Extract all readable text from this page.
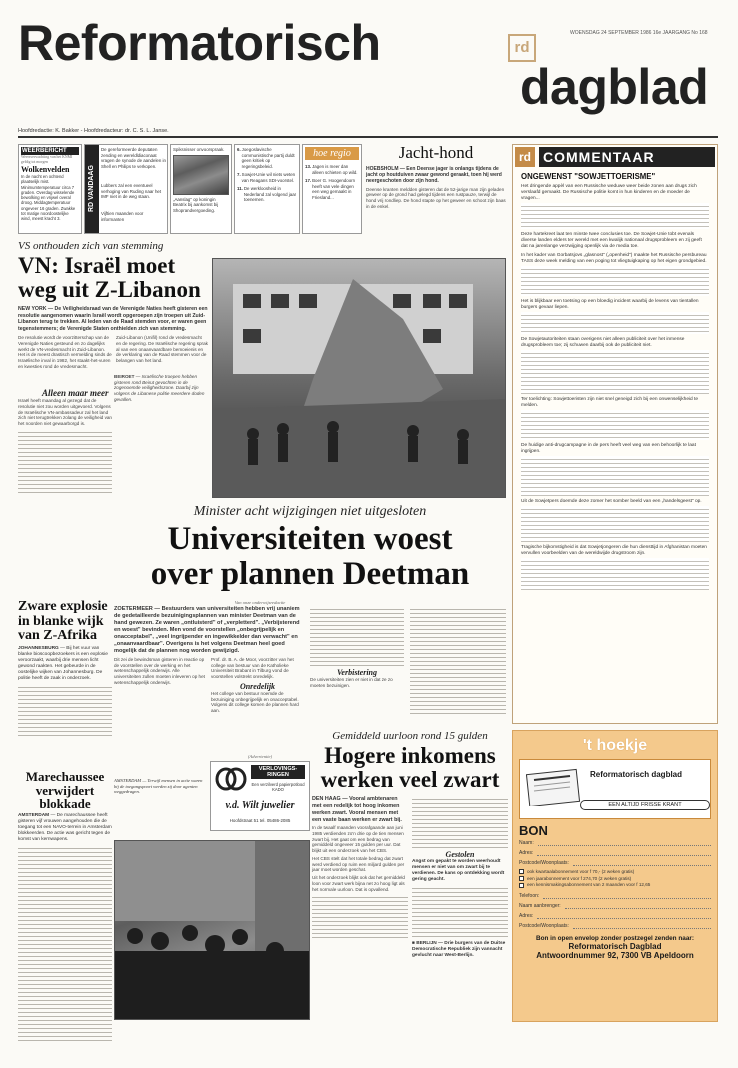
Reformatorisch
dagblad
rd
WOENSDAG 24 SEPTEMBER 1986 16e JAARGANG No 168
Hoofdredactie: K. Bakker - Hoofdredacteur: dr. C. S. L. Janse.
WEERBERICHT
Weersverwachting van het KNMI geldig tot morgen
Wolkenvelden
In de nacht en ochtend plaatselijk mist. Minimumtemperatuur circa 7 graden. Overdag wisselende bewolking en vrijwel overal droog. Middagtemperatuur ongeveer 16 graden. Zwakke tot matige noordoostelijke wind, meest kracht 3.
RD VANDAAG
De gereformeerde deputaten zending en wereldldiaconaat vragen de synode de aandelen in Shell en Philips te verkopen.
Lubbers zal een eventueel verhoging van Ruding naar het IMF niet in de weg staan.
Vijftien maanden voor informanten
Spiksnisser onvoorspraak.
„Aanslag" op koningin Beatrix bij aankomst bij Shoprandvergoeding.
6. Joegoslavische communistische partij duldt geen kritiek op regeringsbeleid.
7. Sowjet-Unie wil niets weten van Reagans SDI-voorstel.
11. De werkloosheid in Nederland zal volgend jaar toenemen.
hoe regio
13. Jagen is meer dan alleen schieten op wild.
17. Boer G. Hoogendoorn heeft van vele dingen een weg gemaakt in Friesland...
Jacht-hond
HOEBSHOLM — Een Deense jager is onlangs tijdens de jacht op houtduiven zwaar gewond geraakt, toen hij werd neergeschoten door zijn hond.
Deense kranten meldden gisteren dat de 52-jarige man zijn geladen geweer op de grond had gelegd tijdens een rustpauze, terwijl de hond vrij rondliep. De hond stapte op het geweer en schoot zijn baas in de enkel.
VS onthouden zich van stemming
VN: Israël moet
weg uit Z-Libanon
NEW YORK — De Veiligheidsraad van de Verenigde Naties heeft gisteren een resolutie aangenomen waarin Israël wordt opgeroepen zijn troepen uit Zuid-Libanon terug te trekken. Al leden van de Raad stemden voor, er waren geen tegenstemmers; de Verenigde Staten onthielden zich van stemming.
De resolutie wordt de voorzitterschap van de Verenigde Naties gesteund en zo dagelijks werkt de VN-vredesmacht in Zuid-Libanon. Het is de meest drastisch vermelding sinds de Israëlische inval in 1982, het staakt-het-vuren en kwesties rond de vredesmacht.
Zuid-Libanon (Unifil) rond de vredesmacht en de regering. De Israëlische regering sprak al van een onaanvaardbare bemoeienis en de verklaring van de Raad stemmen voor de belangen van het land.
Alleen maar meer
Israël heeft maandag al gezegd dat de resolutie niet zou worden uitgevoerd. Volgens de Israëlische VN-ambassadeur zal het land zich niet terugtrekken zolang de veiligheid van het noorden niet gewaarborgd is.
BEIROET — Israëlische troepen hebben gisteren rond Beirut gevochten in de zogenoemde veiligheidszone. Daarbij zijn volgens de Libanese politie meerdere doden gevallen.
Minister acht wijzigingen niet uitgesloten
Universiteiten woest
over plannen Deetman
Van onze onderwijsredactie
ZOETERMEER — Bestuurders van universiteiten hebben vrij unaniem de gedetailleerde bezuinigingsplannen van minister Deetman van de hand gewezen. Ze waren „ontluisterd" of „verpletterd". „Verbijsterend en woest" bevinden. Men vond de voorstellen „onbegrijpelijk en onacceptabel", „veel ingrijpender en ingewikkelder dan verwacht" en „onaanvaardbaar". Overigens is het volgens Deetman heel goed mogelijk dat de plannen nog worden gewijzigd.
Dit zei de bewindsman gisteren in reactie op de voorstellen over de werking en het wetenschappelijk onderwijs. Alle universiteiten zullen moeten inleveren op het wetenschappelijk onderwijs.
Prof. dr. B. A. de Moor, voorzitter van het college van bestuur van de Katholieke Universiteit Brabant in Tilburg vond de voorstellen volstrekt onredelijk.
Onredelijk
Het college van bestuur noemde de bezuiniging onbegrijpelijk en onacceptabel. Volgens dit college komen de plannen hard aan.
Verbistering
De universiteiten zien er niet in dat ze zo moeten bezuinigen.
Zware explosie
in blanke wijk
van Z-Afrika
JOHANNESBURG — Bij het vuur van blanke bioscoopbezoekers is een explosie veroorzaakt, waarbij drie mensen licht gewond raakten. Het gebeurde in de oostelijke wijken van Johannesburg. De politie heeft de zaak in onderzoek.
Marechaussee
verwijdert
blokkade
AMSTERDAM — De marechaussee heeft gisteren vijf vrouwen aangehouden die de toegang tot een NAVO-terrein in Amsterdam blokkeerden. De actie was gericht tegen de komst van kernwapens.
AMSTERDAM — Terwijl mensen in actie waren bij de toegangspoort werden zij door agenten weggedragen.
(Advertentie)
VERLOVINGS-RINGEN
Een verzilverd papierpotlood KADO
v.d. Wilt juwelier
Hoofdstraat 51 tel. 05486-2085
Gemiddeld uurloon rond 15 gulden
Hogere inkomens
werken veel zwart
DEN HAAG — Vooral ambtenaren met een redelijk tot hoog inkomen werken zwart. Vooral mensen met een vaste baan werken er zwart bij.
In de twaalf maanden voorafgaande aan juni 1985 verdienden zo'n drie op de tien mensen zwart bij. Het gaat om een bedrag van gemiddeld ongeveer 15 gulden per uur. Dat blijkt uit een onderzoek van het CBS.
Het CBS stelt dat het totale bedrag dat zwart werd verdiend op ruim een miljard gulden per jaar moet worden geschat.
Uit het onderzoek blijkt ook dat het gemiddeld loon voor zwart werk bijna net zo hoog ligt als het normale uurloon. Dat is opvallend.
Gestolen
Angst om gepakt te worden weerhoudt mensen er niet van om zwart bij te verdienen. De kans op ontdekking wordt gering geacht.
■ BERLIJN — Drie burgers van de Duitse Democratische Republiek zijn vannacht gevlucht naar West-Berlijn.
rd COMMENTAAR
ONGEWENST "SOWJETTOERISME"
Het dringende appèl van een Russische weduwe weer beide zonen aan drugs zich verslaafd gemaakt. De Russische politie komt in hun kinderen en de moeder de vragen...
Deze hartekreet laat ten minste twee conclusies toe. De Sowjet-Unie tobt evenals diverse landen elders ter wereld met een kwalijk nationaal drugsprobleem en zij geeft dat na jarenlange verzwijging openlijk via de media toe.
In het kader van Gorbatsjovs „glasnost" („openheid") maakte het Russische persbureau TASS deze week melding van een poging tot vliegtuigkaping op het eigen grondgebied.
Het is blijkbaar een toetsing op een bloedig incident waarbij de levens van tientallen burgers gevaar liepen.
De Sowjetautoriteiten staan overigens niet alleen publiciteit over het inmense drugsprobleem toe; zij schuwen daarbij ook de publiciteit niet.
Ter toelichting: Sowjettoeristen zijn niet snel geneigd zich bij een onwenselijkheid te melden.
De huidige anti-drugcampagne in de pers heeft veel weg van een behoorlijk te laat ingrijpen.
Uit de Sowjetpers doemde deze zomer het somber beeld van een „handelsgeest" op.
Tragische bijkomstigheid is dat Sowjetjongeren die hun diensttijd in Afghanistan moeten vervullen voorbeelden van de wereldwijde drugstroom zijn.
't hoekje
Reformatorisch dagblad
EEN ALTIJD FRISSE KRANT
BON
Naam:
Adres:
Postcode/Woonplaats:
ook kwartaalabonnement voor f 70,- (2 weken gratis)
een jaarabonnement voor f 274,70 (2 weken gratis)
een kennismakingsabonnement van 2 maanden voor f 12,65
Telefoon:
Naam aanbrenger:
Adres:
Postcode/Woonplaats:
Bon in open envelop zonder postzegel zenden naar:
Reformatorisch Dagblad
Antwoordnummer 92, 7300 VB Apeldoorn
